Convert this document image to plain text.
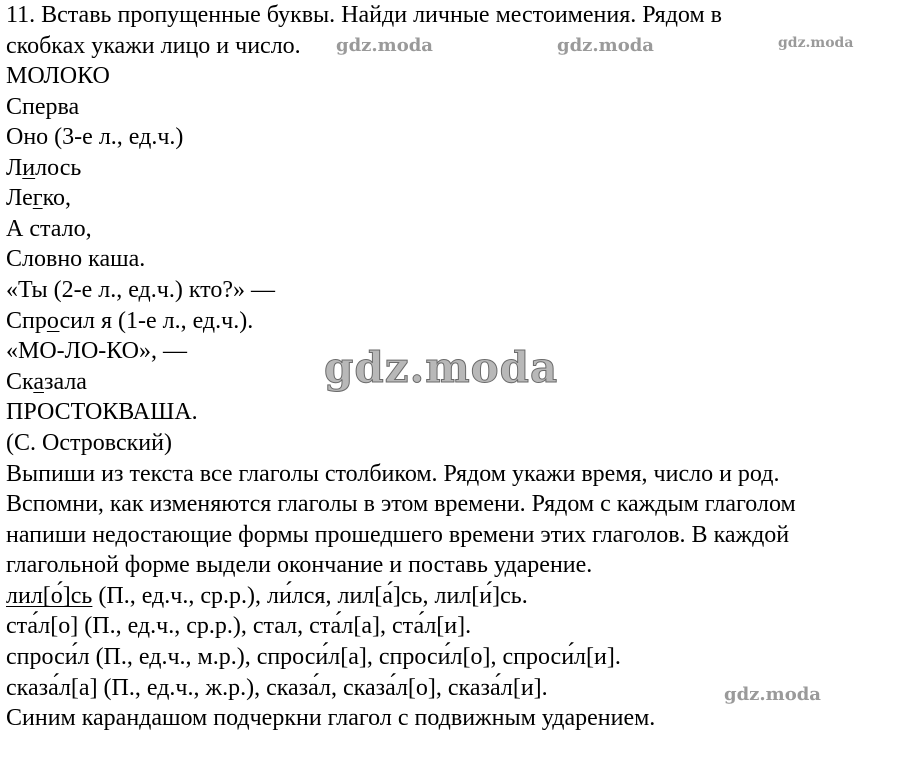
11. Вставь пропущенные буквы. Найди личные местоимения. Рядом в
скобках укажи лицо и число.
МОЛОКО
Сперва
Оно (3-е л., ед.ч.)
Лилось
Легко,
А стало,
Словно каша.
«Ты (2-е л., ед.ч.) кто?» —
Спросил я (1-е л., ед.ч.).
«МО-ЛО-КО», —
Сказала
ПРОСТОКВАША.
(С. Островский)
Выпиши из текста все глаголы столбиком. Рядом укажи время, число и род.
Вспомни, как изменяются глаголы в этом времени. Рядом с каждым глаголом
напиши недостающие формы прошедшего времени этих глаголов. В каждой
глагольной форме выдели окончание и поставь ударение.
лил[о́]сь (П., ед.ч., ср.р.), ли́лся, лил[а́]сь, лил[и́]сь.
ста́л[о] (П., ед.ч., ср.р.), стал, ста́л[а], ста́л[и].
спроси́л (П., ед.ч., м.р.), спроси́л[а], спроси́л[о], спроси́л[и].
сказа́л[а] (П., ед.ч., ж.р.), сказа́л, сказа́л[о], сказа́л[и].
Синим карандашом подчеркни глагол с подвижным ударением.
gdz.moda	gdz.moda	gdz.moda
gdz.moda
gdz.moda
